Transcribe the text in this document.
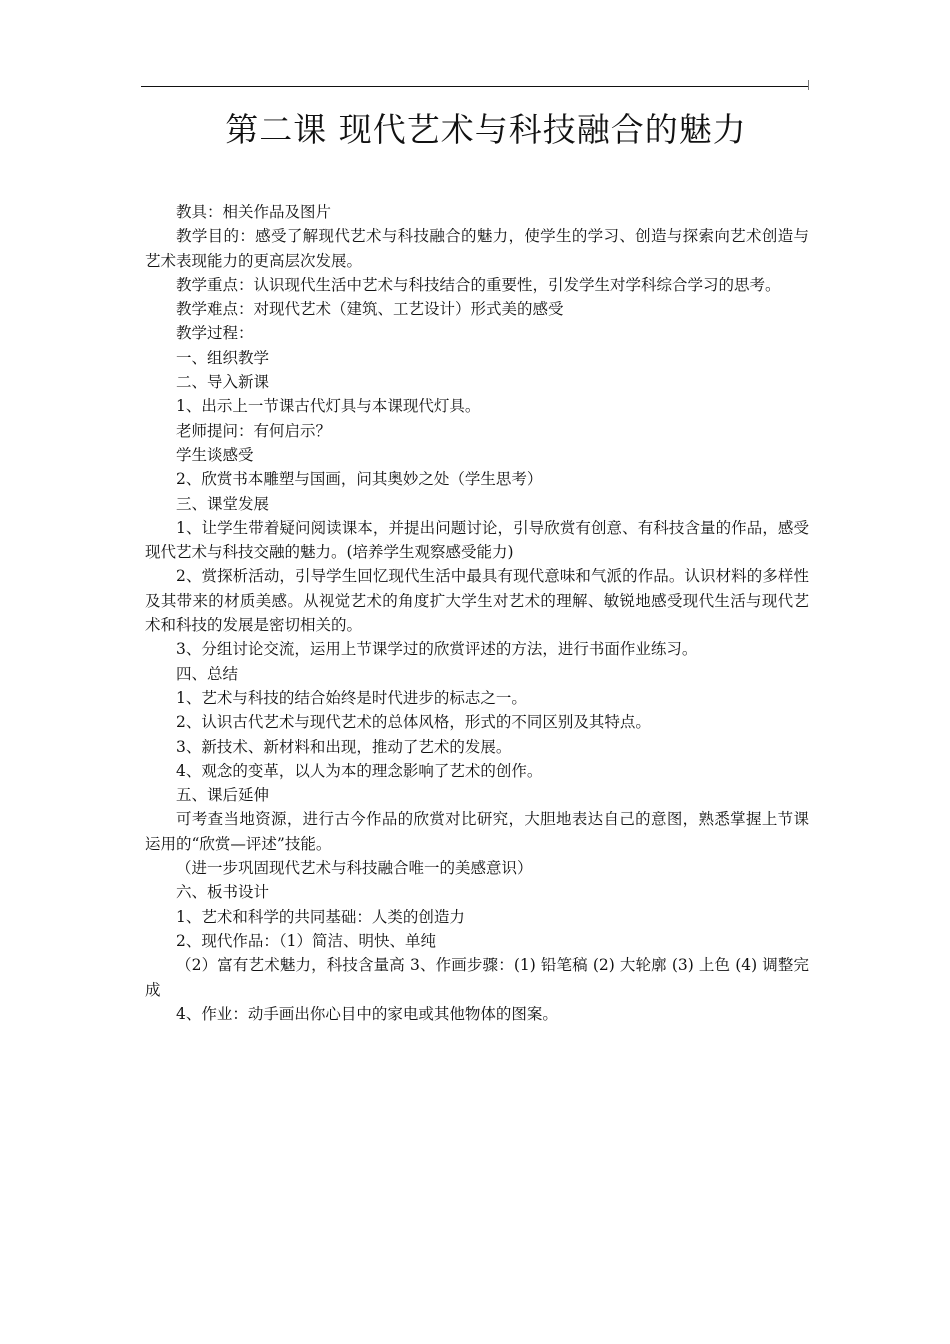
第二课 现代艺术与科技融合的魅力

教具：相关作品及图片

教学目的：感受了解现代艺术与科技融合的魅力，使学生的学习、创造与探索向艺术创造与艺术表现能力的更高层次发展。

教学重点：认识现代生活中艺术与科技结合的重要性，引发学生对学科综合学习的思考。

教学难点：对现代艺术（建筑、工艺设计）形式美的感受

教学过程：

一、组织教学

二、导入新课

1、出示上一节课古代灯具与本课现代灯具。

老师提问：有何启示？

学生谈感受

2、欣赏书本雕塑与国画，问其奥妙之处（学生思考）

三、课堂发展

1、让学生带着疑问阅读课本，并提出问题讨论，引导欣赏有创意、有科技含量的作品，感受现代艺术与科技交融的魅力。(培养学生观察感受能力)

2、赏探析活动，引导学生回忆现代生活中最具有现代意味和气派的作品。认识材料的多样性及其带来的材质美感。从视觉艺术的角度扩大学生对艺术的理解、敏锐地感受现代生活与现代艺术和科技的发展是密切相关的。

3、分组讨论交流，运用上节课学过的欣赏评述的方法，进行书面作业练习。

四、总结

1、艺术与科技的结合始终是时代进步的标志之一。

2、认识古代艺术与现代艺术的总体风格，形式的不同区别及其特点。

3、新技术、新材料和出现，推动了艺术的发展。

4、观念的变革，以人为本的理念影响了艺术的创作。

五、课后延伸

可考查当地资源，进行古今作品的欣赏对比研究，大胆地表达自己的意图，熟悉掌握上节课运用的“欣赏—评述”技能。

（进一步巩固现代艺术与科技融合唯一的美感意识）

六、板书设计

1、艺术和科学的共同基础：人类的创造力

2、现代作品：（1）简洁、明快、单纯

（2）富有艺术魅力，科技含量高 3、作画步骤：(1) 铅笔稿 (2) 大轮廓 (3) 上色 (4) 调整完成

4、作业：动手画出你心目中的家电或其他物体的图案。
